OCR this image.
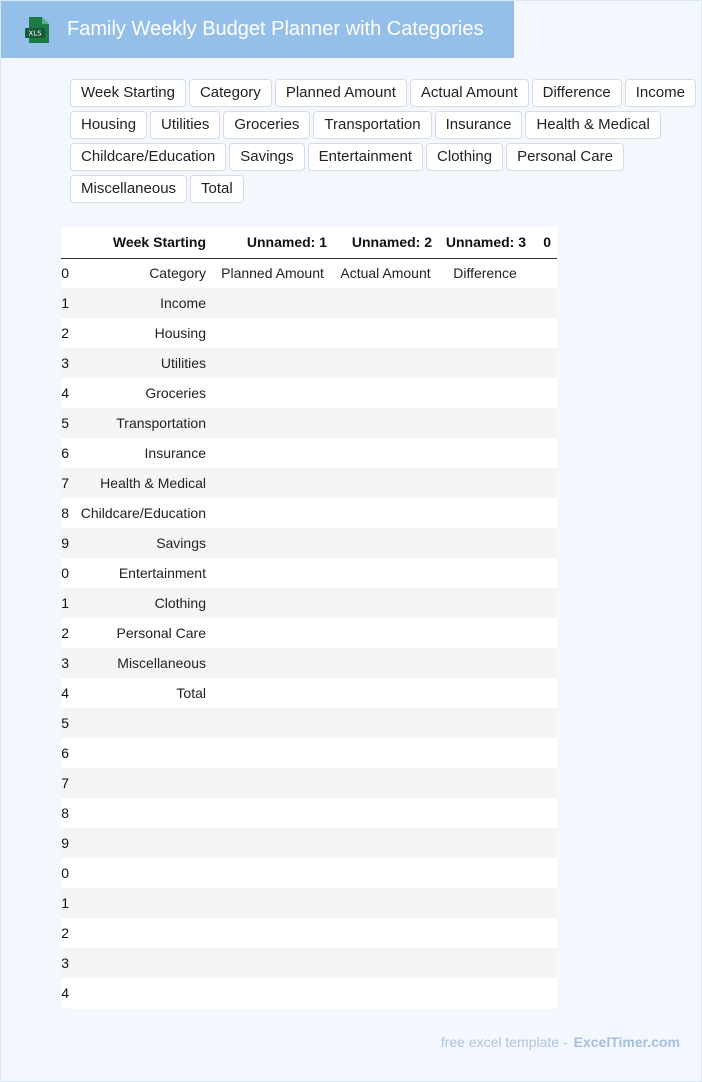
XLS Family Weekly Budget Planner with Categories
Week Starting	Category	Planned Amount	Actual Amount	Difference	Income
Housing	Utilities	Groceries	Transportation	Insurance	Health & Medical
Childcare/Education	Savings	Entertainment	Clothing	Personal Care
Miscellaneous	Total
	Week Starting	Unnamed: 1	Unnamed: 2	Unnamed: 3	0
0	Category	Planned Amount	Actual Amount	Difference	
1	Income				
2	Housing				
3	Utilities				
4	Groceries				
5	Transportation				
6	Insurance				
7	Health & Medical				
8	Childcare/Education				
9	Savings				
0	Entertainment				
1	Clothing				
2	Personal Care				
3	Miscellaneous				
4	Total				
5					
6					
7					
8					
9					
0					
1					
2					
3					
4					
free excel template - ExcelTimer.com
